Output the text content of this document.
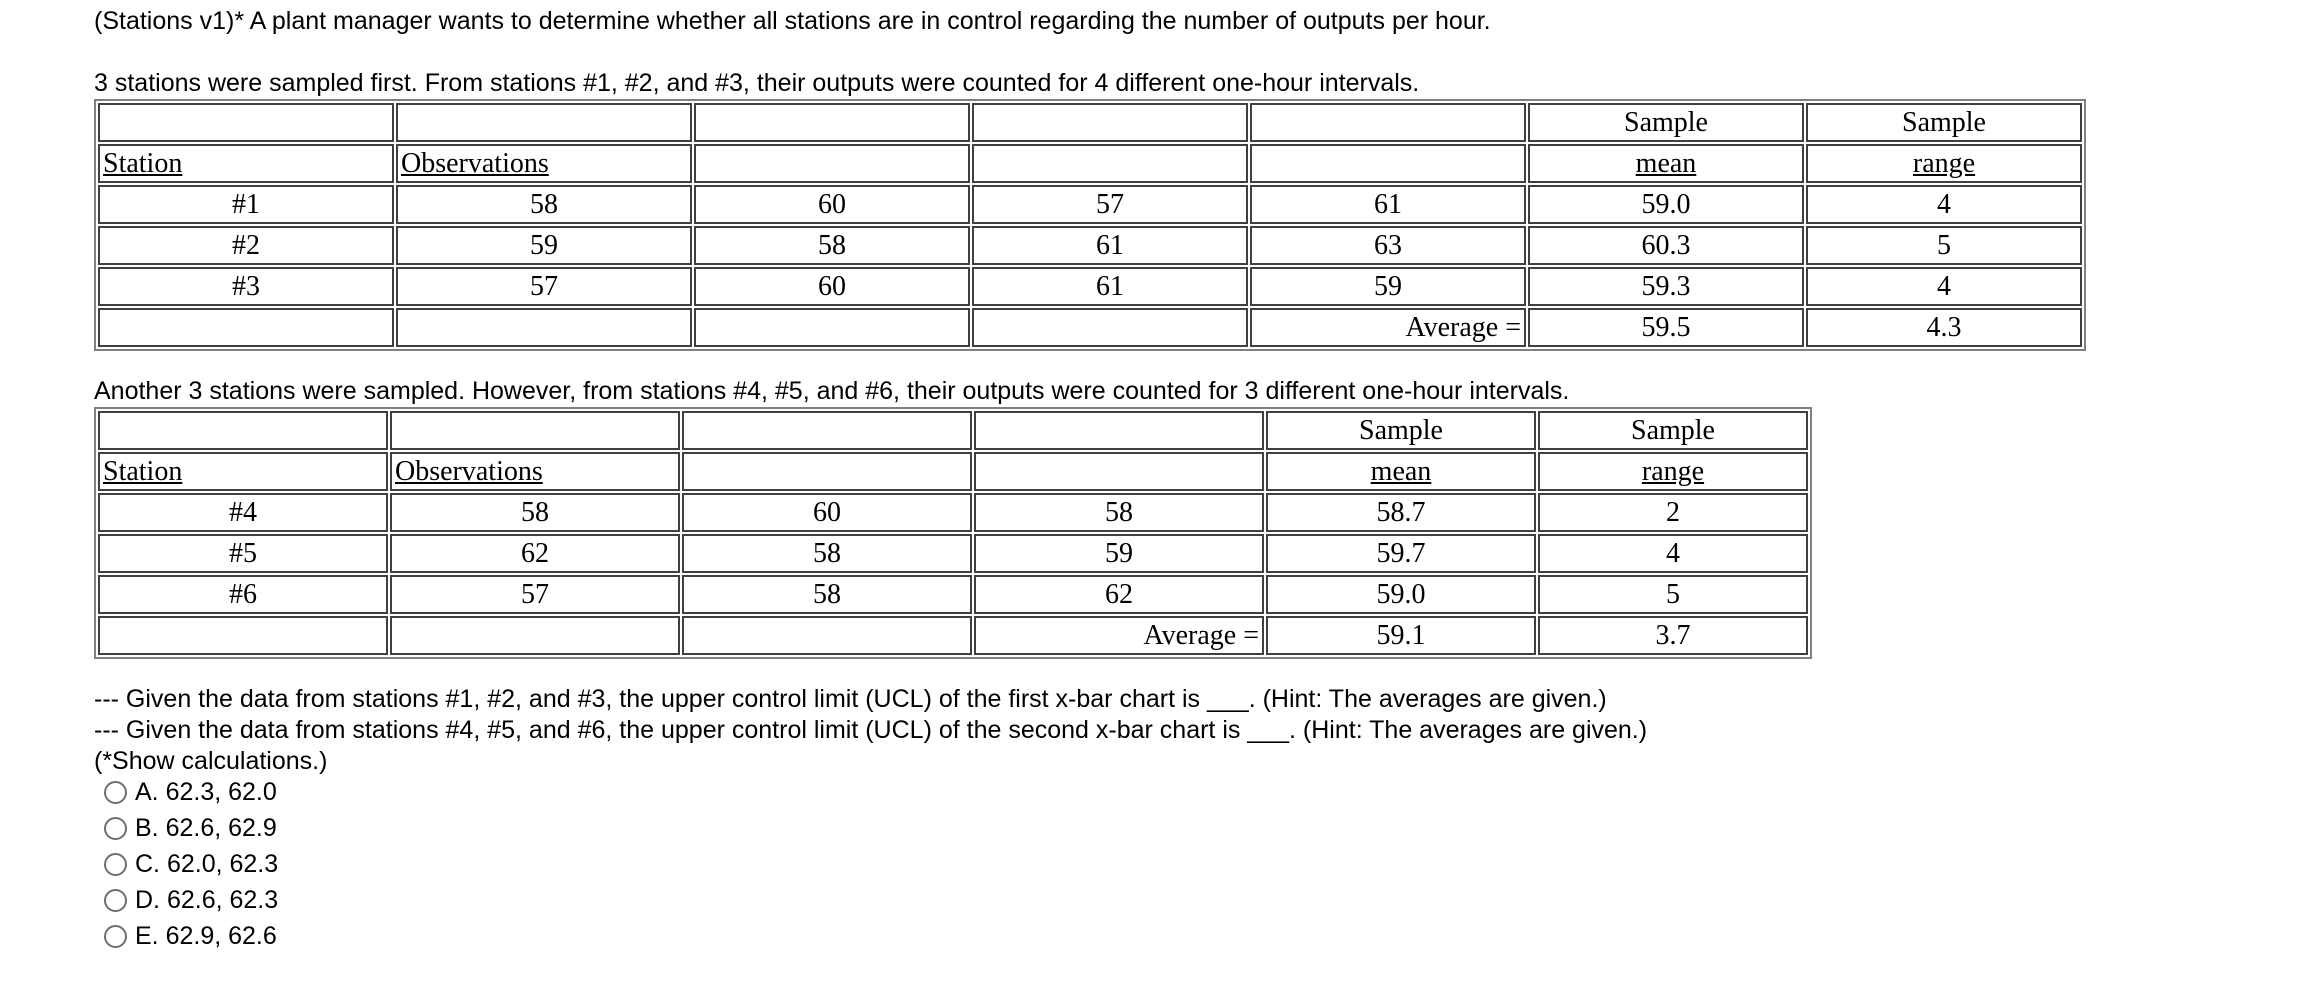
(Stations v1)* A plant manager wants to determine whether all stations are in control regarding the number of outputs per hour.
3 stations were sampled first. From stations #1, #2, and #3, their outputs were counted for 4 different one-hour intervals.
					Sample	Sample
Station	Observations				mean	range
#1	58	60	57	61	59.0	4
#2	59	58	61	63	60.3	5
#3	57	60	61	59	59.3	4
				Average =	59.5	4.3
Another 3 stations were sampled. However, from stations #4, #5, and #6, their outputs were counted for 3 different one-hour intervals.
				Sample	Sample
Station	Observations			mean	range
#4	58	60	58	58.7	2
#5	62	58	59	59.7	4
#6	57	58	62	59.0	5
			Average =	59.1	3.7
--- Given the data from stations #1, #2, and #3, the upper control limit (UCL) of the first x-bar chart is ___. (Hint: The averages are given.)
--- Given the data from stations #4, #5, and #6, the upper control limit (UCL) of the second x-bar chart is ___. (Hint: The averages are given.)
(*Show calculations.)
A.
62.3, 62.0
B.
62.6, 62.9
C.
62.0, 62.3
D.
62.6, 62.3
E.
62.9, 62.6
